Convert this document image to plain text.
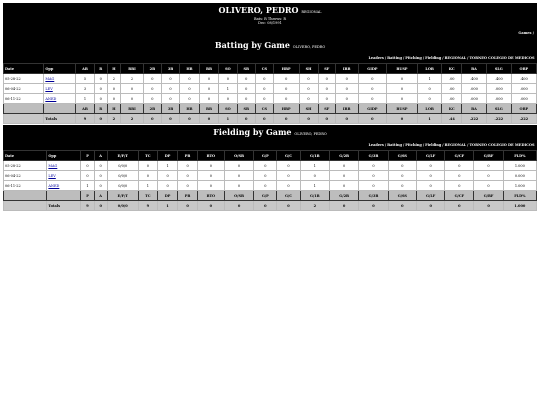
OLIVERO, PEDRO REGIONAL
Bats: R Throws: R
Dec: 08/1991
Games /
Batting by Game OLIVERO, PEDRO
Leaders/Batting/Pitching/Fielding/REGIONAL/TORNEO COLEGIO DE MEDICOS
Date	Opp	AB	R	H	RBI	2B	3B	HR	BB	SO	SB	CS	HBP	SH	SF	IBB	GIDP	BUSP	LOB	KC	BA	SLG	OBP
05-28-22	MAG	5	0	2	2	0	0	0	0	0	0	0	0	0	0	0	0	0	1	.00	.400	.400	.400
06-04-22	LEV	3	0	0	0	0	0	0	0	1	0	0	0	0	0	0	0	0	0	.00	.000	.000	.000
06-11-22	ANED	1	0	0	0	0	0	0	0	0	0	0	0	0	0	0	0	0	0	.00	.000	.000	.000
		AB	R	H	RBI	2B	3B	HR	BB	SO	SB	CS	HBP	SH	SF	IBB	GIDP	BUSP	LOB	KC	BA	SLG	OBP
	Totals	9	0	2	2	0	0	0	0	1	0	0	0	0	0	0	0	0	1	.44	.222	.222	.222
Fielding by Game OLIVERO, PEDRO
Leaders/Batting/Pitching/Fielding/REGIONAL/TORNEO COLEGIO DE MEDICOS
Date	Opp	P	A	E/F/T	TC	DP	PB	RTO	O/SB	G/P	G/C	G/1B	G/2B	G/3B	G/SS	G/LF	G/CF	G/RF	FLD%
05-28-22	MAG	0	0	0/0/0	0	1	0	0	0	0	0	1	0	0	0	0	0	0	1.000
06-04-22	LEV	0	0	0/0/0	0	0	0	0	0	0	0	0	0	0	0	0	0	0	0.000
06-11-22	ANED	1	0	0/0/0	1	0	0	0	0	0	0	1	0	0	0	0	0	0	1.000
		P	A	E/F/T	TC	DP	PB	RTO	O/SB	G/P	G/C	G/1B	G/2B	G/3B	G/SS	G/LF	G/CF	G/RF	FLD%
	Totals	9	0	0/0/0	9	1	0	0	0	0	0	2	0	0	0	0	0	0	1.000
